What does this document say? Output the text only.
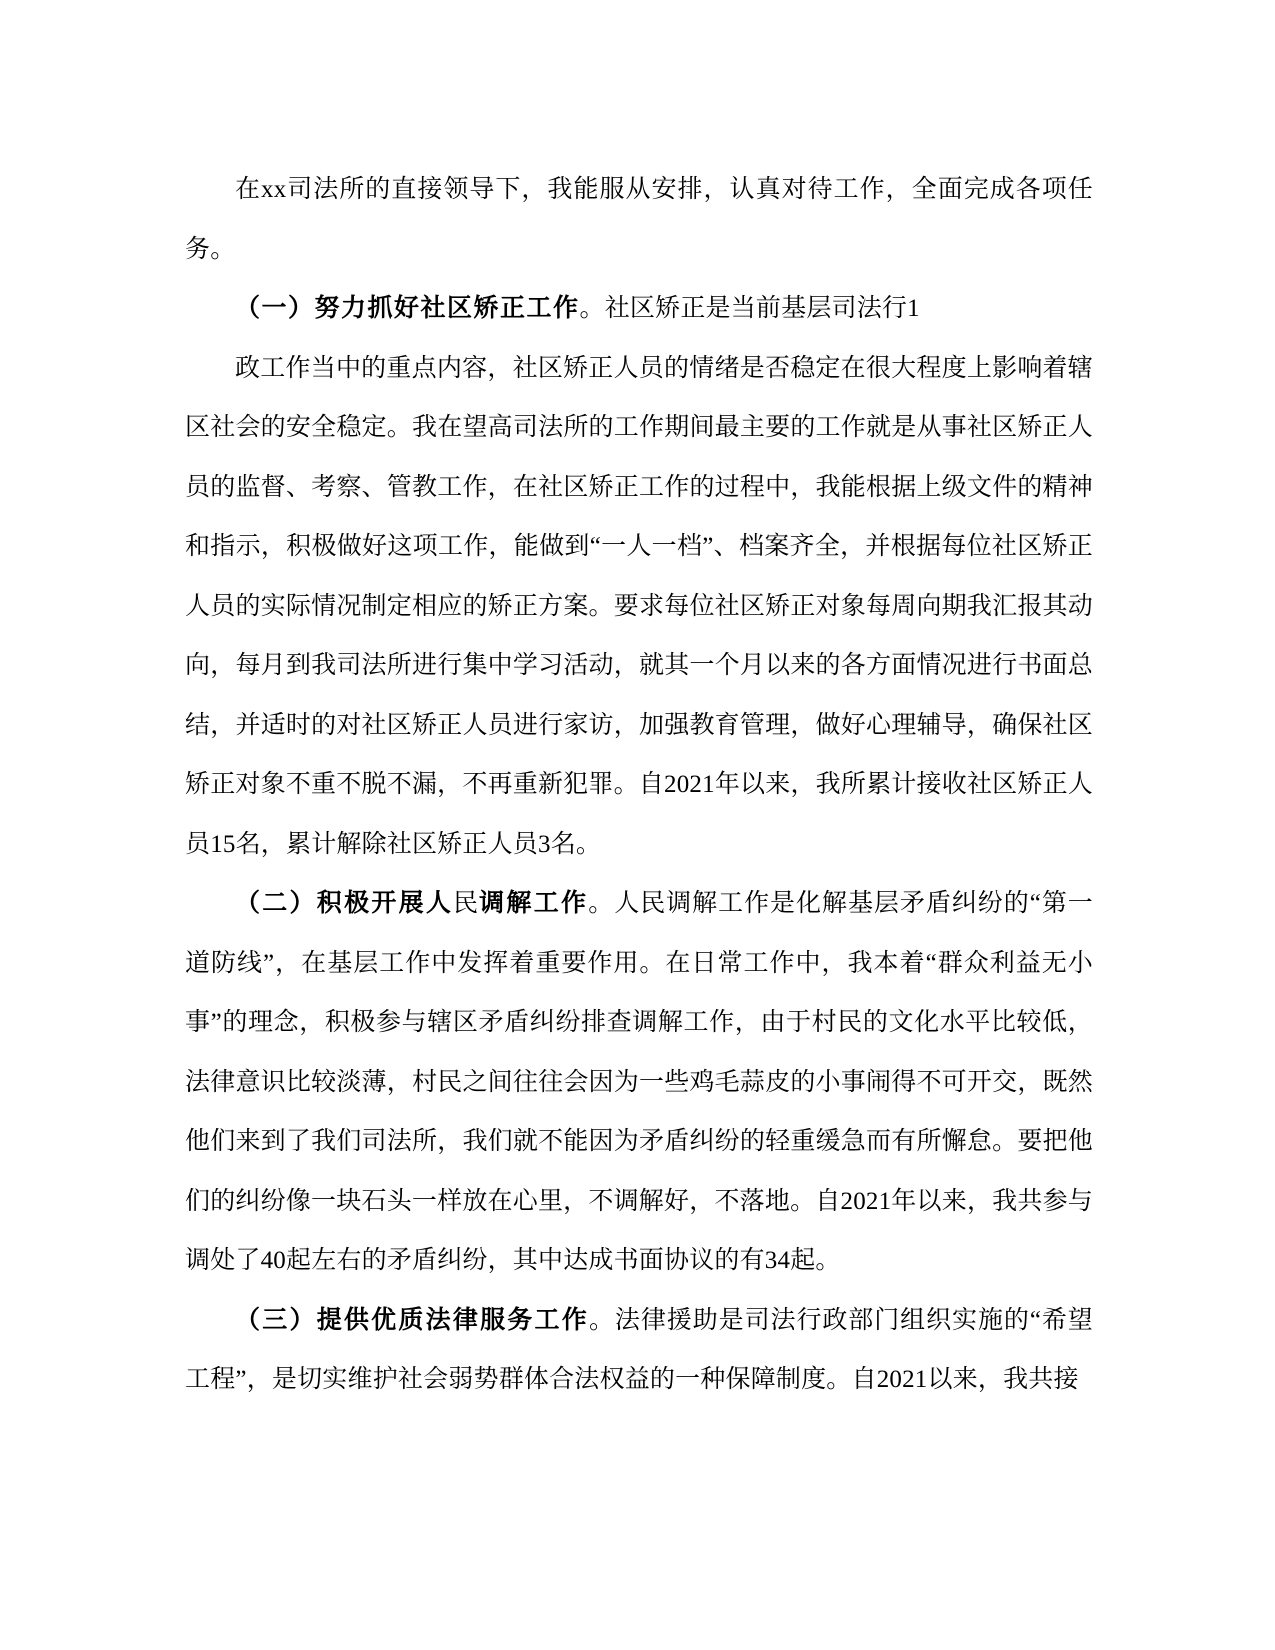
在xx司法所的直接领导下，我能服从安排，认真对待工作，全面完成各项任务。

（一）努力抓好社区矫正工作。社区矫正是当前基层司法行1

政工作当中的重点内容，社区矫正人员的情绪是否稳定在很大程度上影响着辖区社会的安全稳定。我在望高司法所的工作期间最主要的工作就是从事社区矫正人员的监督、考察、管教工作，在社区矫正工作的过程中，我能根据上级文件的精神和指示，积极做好这项工作，能做到“一人一档”、档案齐全，并根据每位社区矫正人员的实际情况制定相应的矫正方案。要求每位社区矫正对象每周向期我汇报其动向，每月到我司法所进行集中学习活动，就其一个月以来的各方面情况进行书面总结，并适时的对社区矫正人员进行家访，加强教育管理，做好心理辅导，确保社区矫正对象不重不脱不漏，不再重新犯罪。自2021年以来，我所累计接收社区矫正人员15名，累计解除社区矫正人员3名。

（二）积极开展人民调解工作。人民调解工作是化解基层矛盾纠纷的“第一道防线”，在基层工作中发挥着重要作用。在日常工作中，我本着“群众利益无小事”的理念，积极参与辖区矛盾纠纷排查调解工作，由于村民的文化水平比较低，法律意识比较淡薄，村民之间往往会因为一些鸡毛蒜皮的小事闹得不可开交，既然他们来到了我们司法所，我们就不能因为矛盾纠纷的轻重缓急而有所懈怠。要把他们的纠纷像一块石头一样放在心里，不调解好，不落地。自2021年以来，我共参与调处了40起左右的矛盾纠纷，其中达成书面协议的有34起。

（三）提供优质法律服务工作。法律援助是司法行政部门组织实施的“希望工程”，是切实维护社会弱势群体合法权益的一种保障制度。自2021以来，我共接
